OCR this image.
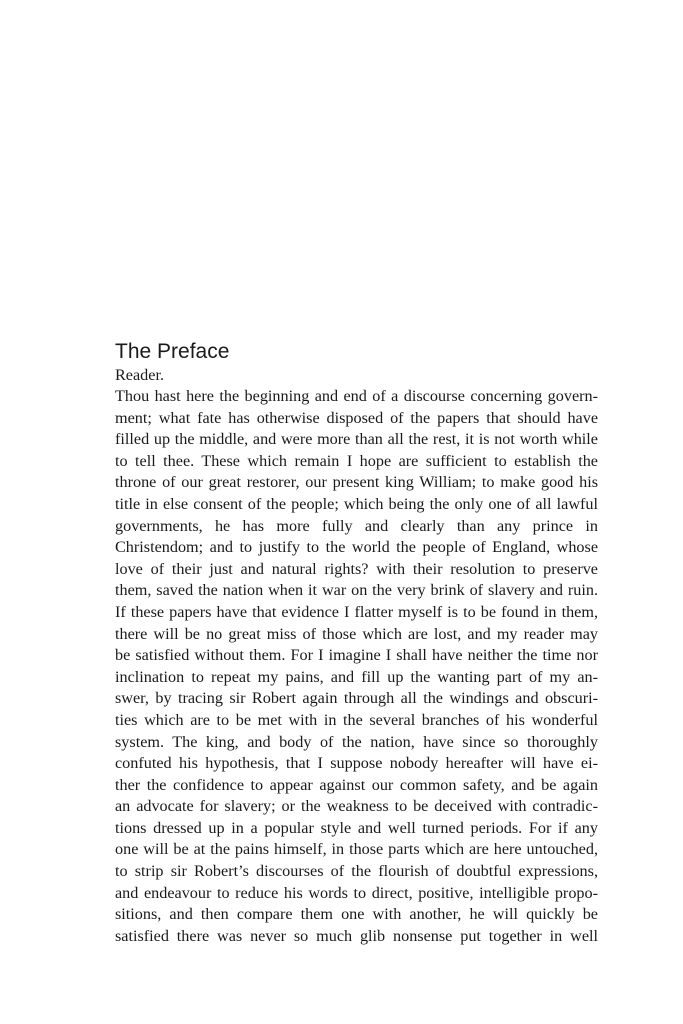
The Preface

Reader.

Thou hast here the beginning and end of a discourse concerning govern-
ment; what fate has otherwise disposed of the papers that should have
filled up the middle, and were more than all the rest, it is not worth while
to tell thee. These which remain I hope are sufficient to establish the
throne of our great restorer, our present king William; to make good his
title in else consent of the people; which being the only one of all lawful
governments, he has more fully and clearly than any prince in
Christendom; and to justify to the world the people of England, whose
love of their just and natural rights? with their resolution to preserve
them, saved the nation when it war on the very brink of slavery and ruin.
If these papers have that evidence I flatter myself is to be found in them,
there will be no great miss of those which are lost, and my reader may
be satisfied without them. For I imagine I shall have neither the time nor
inclination to repeat my pains, and fill up the wanting part of my an-
swer, by tracing sir Robert again through all the windings and obscuri-
ties which are to be met with in the several branches of his wonderful
system. The king, and body of the nation, have since so thoroughly
confuted his hypothesis, that I suppose nobody hereafter will have ei-
ther the confidence to appear against our common safety, and be again
an advocate for slavery; or the weakness to be deceived with contradic-
tions dressed up in a popular style and well turned periods. For if any
one will be at the pains himself, in those parts which are here untouched,
to strip sir Robert’s discourses of the flourish of doubtful expressions,
and endeavour to reduce his words to direct, positive, intelligible propo-
sitions, and then compare them one with another, he will quickly be
satisfied there was never so much glib nonsense put together in well
